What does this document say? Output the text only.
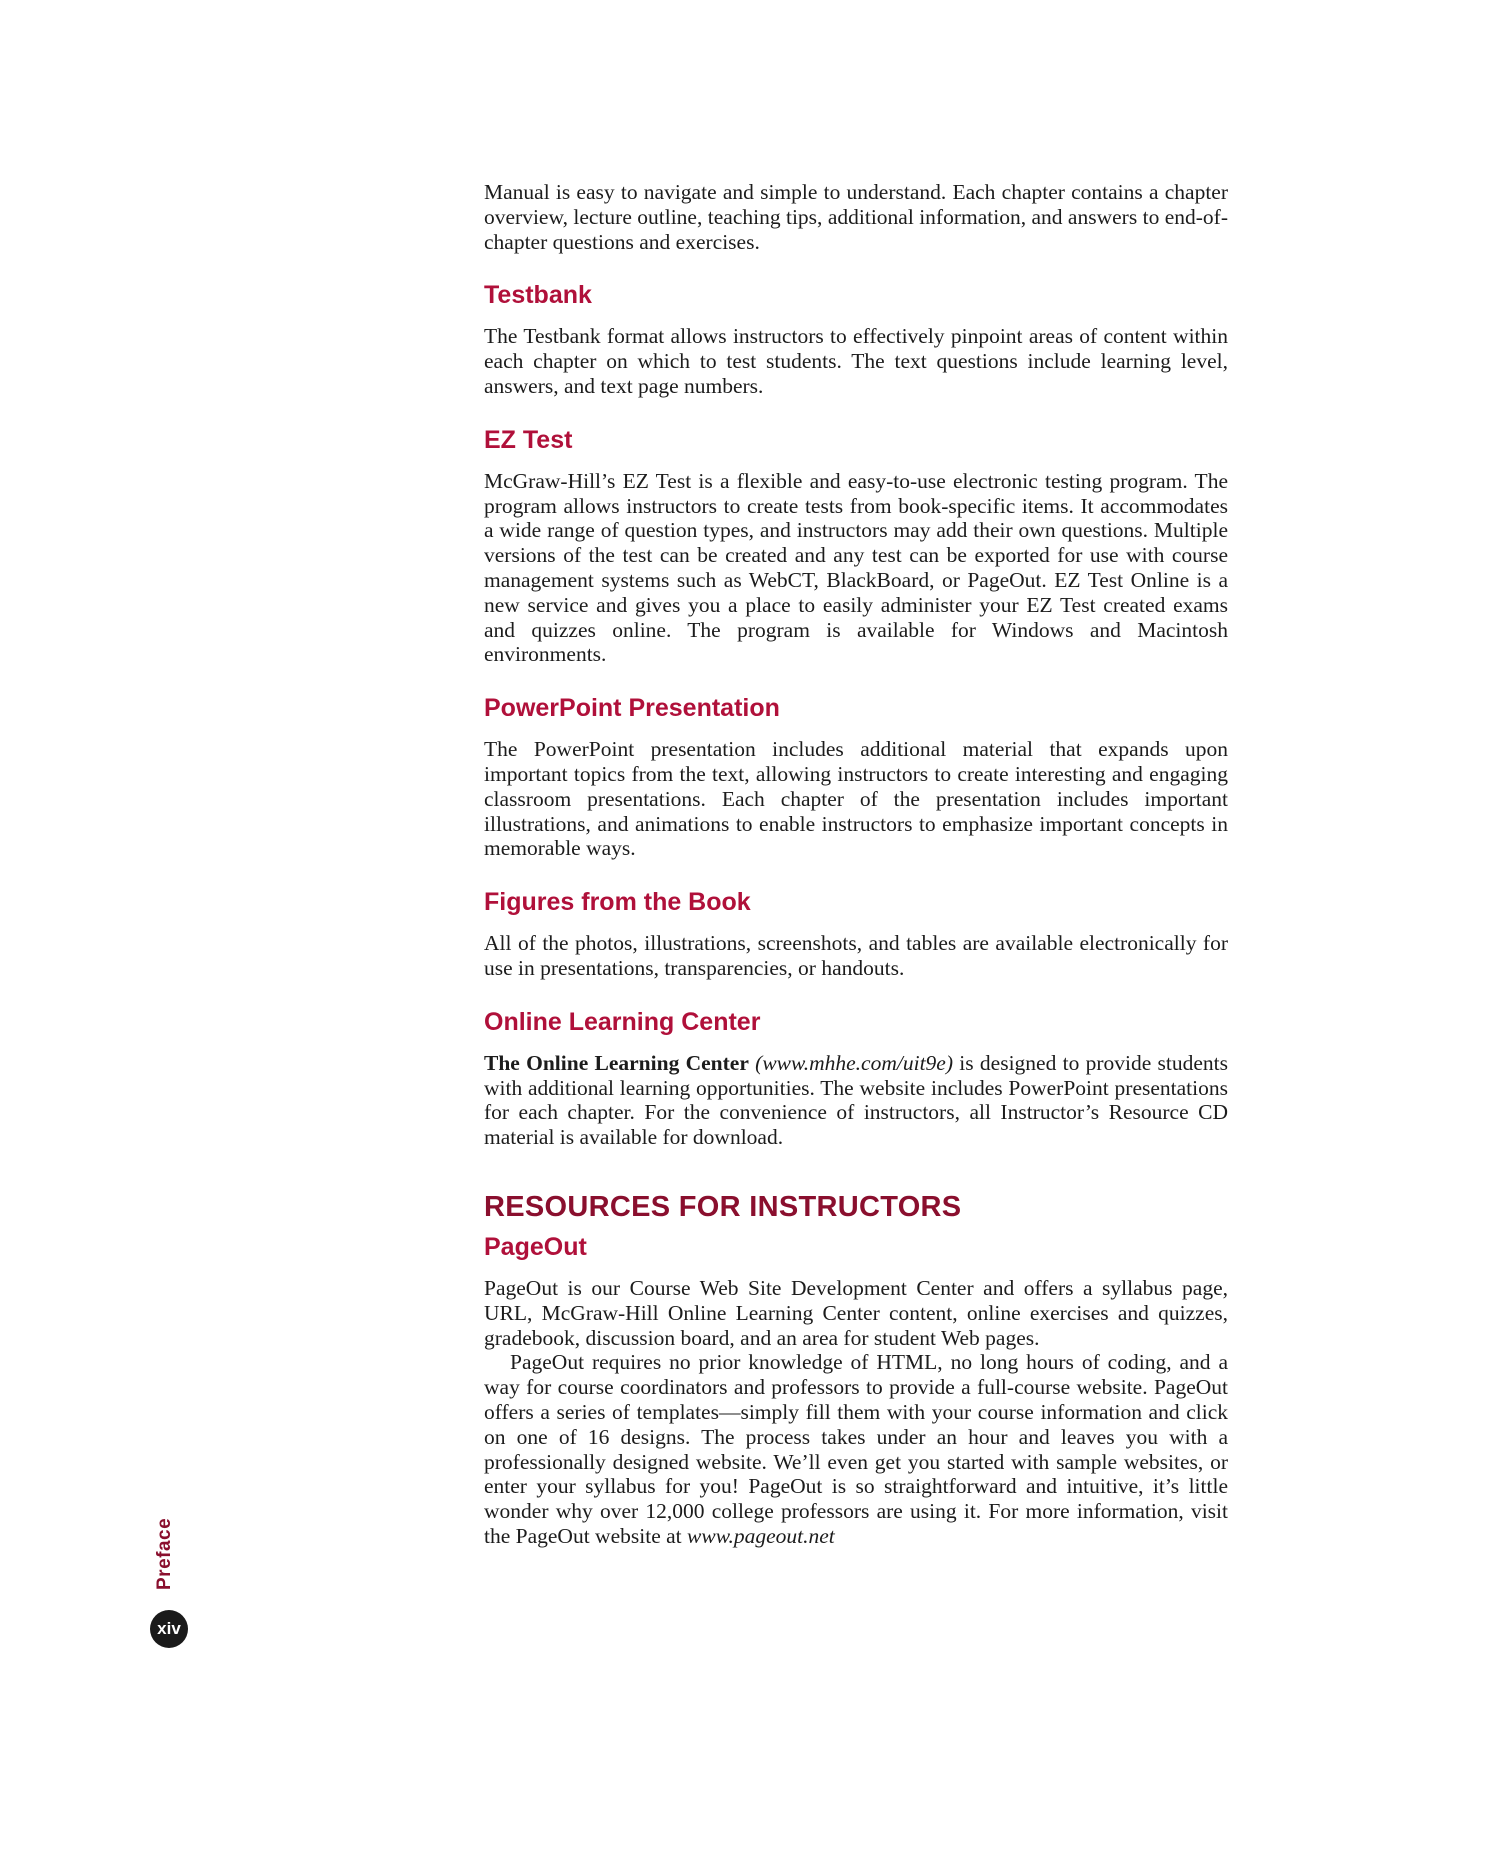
Manual is easy to navigate and simple to understand. Each chapter contains a chapter overview, lecture outline, teaching tips, additional information, and answers to end-of-chapter questions and exercises.

Testbank

The Testbank format allows instructors to effectively pinpoint areas of content within each chapter on which to test students. The text questions include learning level, answers, and text page numbers.

EZ Test

McGraw-Hill’s EZ Test is a flexible and easy-to-use electronic testing program. The program allows instructors to create tests from book-specific items. It accommodates a wide range of question types, and instructors may add their own questions. Multiple versions of the test can be created and any test can be exported for use with course management systems such as WebCT, BlackBoard, or PageOut. EZ Test Online is a new service and gives you a place to easily administer your EZ Test created exams and quizzes online. The program is available for Windows and Macintosh environments.

PowerPoint Presentation

The PowerPoint presentation includes additional material that expands upon important topics from the text, allowing instructors to create interesting and engaging classroom presentations. Each chapter of the presentation includes important illustrations, and animations to enable instructors to emphasize important concepts in memorable ways.

Figures from the Book

All of the photos, illustrations, screenshots, and tables are available electronically for use in presentations, transparencies, or handouts.

Online Learning Center

The Online Learning Center (www.mhhe.com/uit9e) is designed to provide students with additional learning opportunities. The website includes PowerPoint presentations for each chapter. For the convenience of instructors, all Instructor’s Resource CD material is available for download.

RESOURCES FOR INSTRUCTORS
PageOut

PageOut is our Course Web Site Development Center and offers a syllabus page, URL, McGraw-Hill Online Learning Center content, online exercises and quizzes, gradebook, discussion board, and an area for student Web pages.

PageOut requires no prior knowledge of HTML, no long hours of coding, and a way for course coordinators and professors to provide a full-course website. PageOut offers a series of templates—simply fill them with your course information and click on one of 16 designs. The process takes under an hour and leaves you with a professionally designed website. We’ll even get you started with sample websites, or enter your syllabus for you! PageOut is so straightforward and intuitive, it’s little wonder why over 12,000 college professors are using it. For more information, visit the PageOut website at www.pageout.net

Preface
xiv
